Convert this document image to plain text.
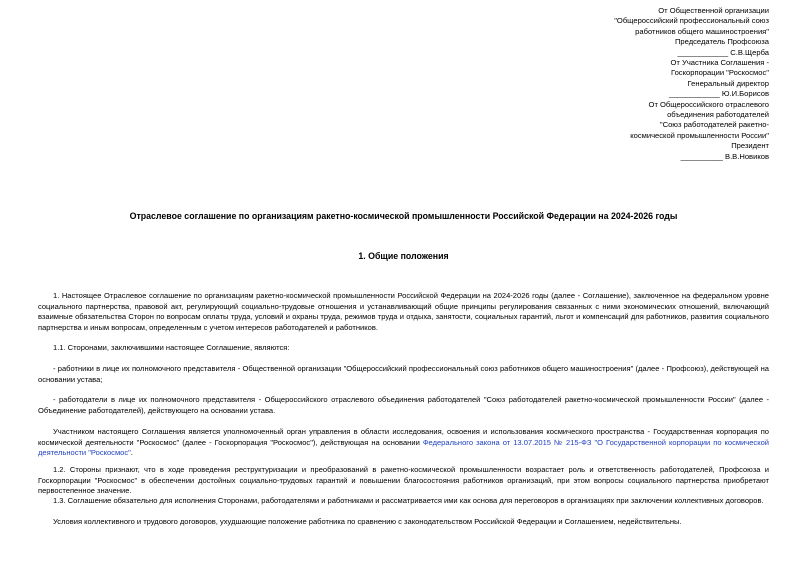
От Общественной организации
"Общероссийский профессиональный союз
работников общего машиностроения"
Председатель Профсоюза
____________ С.В.Щерба
От Участника Соглашения -
Госкорпорации "Роскосмос"
Генеральный директор
____________ Ю.И.Борисов
От Общероссийского отраслевого
объединения работодателей
"Союз работодателей ракетно-
космической промышленности России"
Президент
__________ В.В.Новиков
Отраслевое соглашение по организациям ракетно-космической промышленности Российской Федерации на 2024-2026 годы
1. Общие положения

1. Настоящее Отраслевое соглашение по организациям ракетно-космической промышленности Российской Федерации на 2024-2026 годы (далее - Соглашение), заключенное на федеральном уровне социального партнерства, правовой акт, регулирующий социально-трудовые отношения и устанавливающий общие принципы регулирования связанных с ними экономических отношений, включающий взаимные обязательства Сторон по вопросам оплаты труда, условий и охраны труда, режимов труда и отдыха, занятости, социальных гарантий, льгот и компенсаций для работников, развития социального партнерства и иным вопросам, определенным с учетом интересов работодателей и работников.

1.1. Сторонами, заключившими настоящее Соглашение, являются:

- работники в лице их полномочного представителя - Общественной организации "Общероссийский профессиональный союз работников общего машиностроения" (далее - Профсоюз), действующей на основании устава;

- работодатели в лице их полномочного представителя - Общероссийского отраслевого объединения работодателей "Союз работодателей ракетно-космической промышленности России" (далее - Объединение работодателей), действующего на основании устава.

Участником настоящего Соглашения является уполномоченный орган управления в области исследования, освоения и использования космического пространства - Государственная корпорация по космической деятельности "Роскосмос" (далее - Госкорпорация "Роскосмос"), действующая на основании Федерального закона от 13.07.2015 № 215-ФЗ "О Государственной корпорации по космической деятельности "Роскосмос".

1.2. Стороны признают, что в ходе проведения реструктуризации и преобразований в ракетно-космической промышленности возрастает роль и ответственность работодателей, Профсоюза и Госкорпорации "Роскосмос" в обеспечении достойных социально-трудовых гарантий и повышении благосостояния работников организаций, при этом вопросы социального партнерства приобретают первостепенное значение.

1.3. Соглашение обязательно для исполнения Сторонами, работодателями и работниками и рассматривается ими как основа для переговоров в организациях при заключении коллективных договоров.

Условия коллективного и трудового договоров, ухудшающие положение работника по сравнению с законодательством Российской Федерации и Соглашением, недействительны.
